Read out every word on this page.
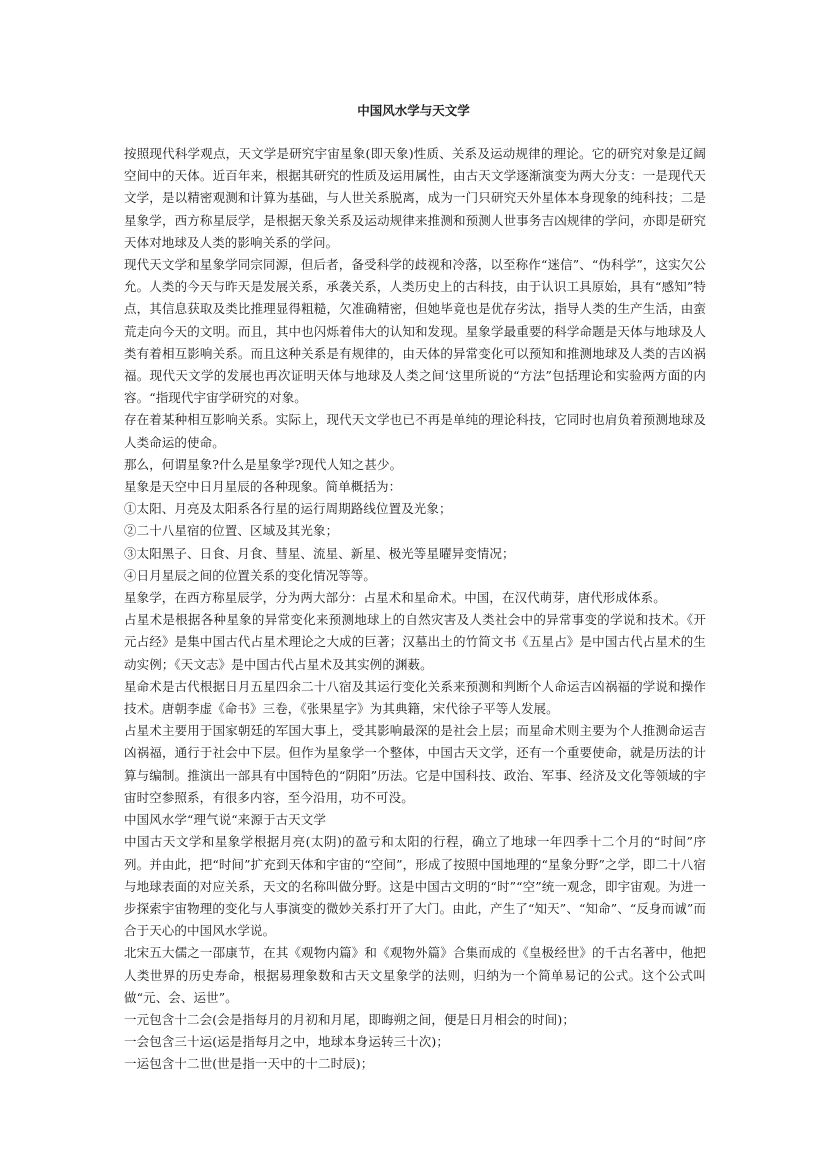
中国风水学与天文学

按照现代科学观点，天文学是研究宇宙星象(即天象)性质、关系及运动规律的理论。它的研究对象是辽阔空间中的天体。近百年来，根据其研究的性质及运用属性，由古天文学逐渐演变为两大分支：一是现代天文学，是以精密观测和计算为基础，与人世关系脱离，成为一门只研究天外星体本身现象的纯科技；二是星象学，西方称星辰学，是根据天象关系及运动规律来推测和预测人世事务吉凶规律的学问，亦即是研究天体对地球及人类的影响关系的学问。

现代天文学和星象学同宗同源，但后者，备受科学的歧视和冷落，以至称作“迷信”、“伪科学”，这实欠公允。人类的今天与昨天是发展关系，承袭关系，人类历史上的古科技，由于认识工具原始，具有“感知”特点，其信息获取及类比推理显得粗糙，欠准确精密，但她毕竟也是优存劣汰，指导人类的生产生活，由蛮荒走向今天的文明。而且，其中也闪烁着伟大的认知和发现。星象学最重要的科学命题是天体与地球及人类有着相互影响关系。而且这种关系是有规律的，由天体的异常变化可以预知和推测地球及人类的吉凶祸福。现代天文学的发展也再次证明天体与地球及人类之间‘这里所说的“方法”包括理论和实验两方面的内容。“指现代宇宙学研究的对象。

存在着某种相互影响关系。实际上，现代天文学也已不再是单纯的理论科技，它同时也肩负着预测地球及人类命运的使命。

那么，何谓星象?什么是星象学?现代人知之甚少。

星象是天空中日月星辰的各种现象。简单概括为：

①太阳、月亮及太阳系各行星的运行周期路线位置及光象；

②二十八星宿的位置、区域及其光象；

③太阳黑子、日食、月食、彗星、流星、新星、极光等星曜异变情况；

④日月星辰之间的位置关系的变化情况等等。

星象学，在西方称星辰学，分为两大部分：占星术和星命术。中国，在汉代萌芽，唐代形成体系。

占星术是根据各种星象的异常变化来预测地球上的自然灾害及人类社会中的异常事变的学说和技术。《开元占经》是集中国古代占星术理论之大成的巨著；汉墓出土的竹简文书《五星占》是中国古代占星术的生动实例；《天文志》是中国古代占星术及其实例的渊薮。

星命术是古代根据日月五星四余二十八宿及其运行变化关系来预测和判断个人命运吉凶祸福的学说和操作技术。唐朝李虚《命书》三卷，《张果星字》为其典籍，宋代徐子平等人发展。

占星术主要用于国家朝廷的军国大事上，受其影响最深的是社会上层；而星命术则主要为个人推测命运吉凶祸福，通行于社会中下层。但作为星象学一个整体，中国古天文学，还有一个重要使命，就是历法的计算与编制。推演出一部具有中国特色的“阴阳”历法。它是中国科技、政治、军事、经济及文化等领域的宇宙时空参照系，有很多内容，至今沿用，功不可没。

中国风水学“理气说“来源于古天文学

中国古天文学和星象学根据月亮(太阴)的盈亏和太阳的行程，确立了地球一年四季十二个月的“时间”序列。并由此，把“时间”扩充到天体和宇宙的“空间”，形成了按照中国地理的“星象分野”之学，即二十八宿与地球表面的对应关系，天文的名称叫做分野。这是中国古文明的“时”“空”统一观念，即宇宙观。为进一步探索宇宙物理的变化与人事演变的微妙关系打开了大门。由此，产生了“知天”、“知命”、“反身而诚”而合于天心的中国风水学说。

北宋五大儒之一邵康节，在其《观物内篇》和《观物外篇》合集而成的《皇极经世》的千古名著中，他把人类世界的历史寿命，根据易理象数和古天文星象学的法则，归纳为一个简单易记的公式。这个公式叫做“元、会、运世”。

一元包含十二会(会是指每月的月初和月尾，即晦朔之间，便是日月相会的时间)；

一会包含三十运(运是指每月之中，地球本身运转三十次)；

一运包含十二世(世是指一天中的十二时辰)；
